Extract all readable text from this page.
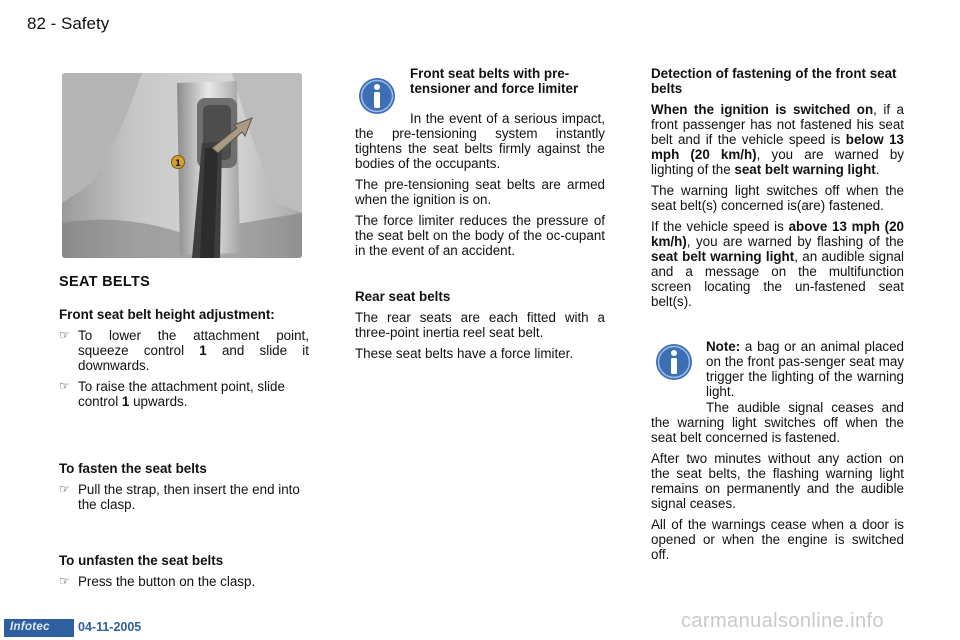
82 - Safety
1
SEAT BELTS

Front seat belt height adjustment:

☞ To lower the attachment point, squeeze control 1 and slide it downwards.
☞ To raise the attachment point, slide control 1 upwards.

To fasten the seat belts

☞ Pull the strap, then insert the end into the clasp.

To unfasten the seat belts

☞ Press the button on the clasp.
Front seat belts with pre-tensioner and force limiter

In the event of a serious impact, the pre-tensioning system instantly tightens the seat belts firmly against the bodies of the occupants.

The pre-tensioning seat belts are armed when the ignition is on.

The force limiter reduces the pressure of the seat belt on the body of the oc-cupant in the event of an accident.

Rear seat belts

The rear seats are each fitted with a three-point inertia reel seat belt.

These seat belts have a force limiter.

Detection of fastening of the front seat belts

When the ignition is switched on, if a front passenger has not fastened his seat belt and if the vehicle speed is below 13 mph (20 km/h), you are warned by lighting of the seat belt warning light.

The warning light switches off when the seat belt(s) concerned is(are) fastened.

If the vehicle speed is above 13 mph (20 km/h), you are warned by flashing of the seat belt warning light, an audible signal and a message on the multifunction screen locating the un-fastened seat belt(s).

Note: a bag or an animal placed on the front pas-senger seat may trigger the lighting of the warning light.

The audible signal ceases and the warning light switches off when the seat belt concerned is fastened.

After two minutes without any action on the seat belts, the flashing warning light remains on permanently and the audible signal ceases.

All of the warnings cease when a door is opened or when the engine is switched off.

Infotec	04-11-2005	carmanualsonline.info
